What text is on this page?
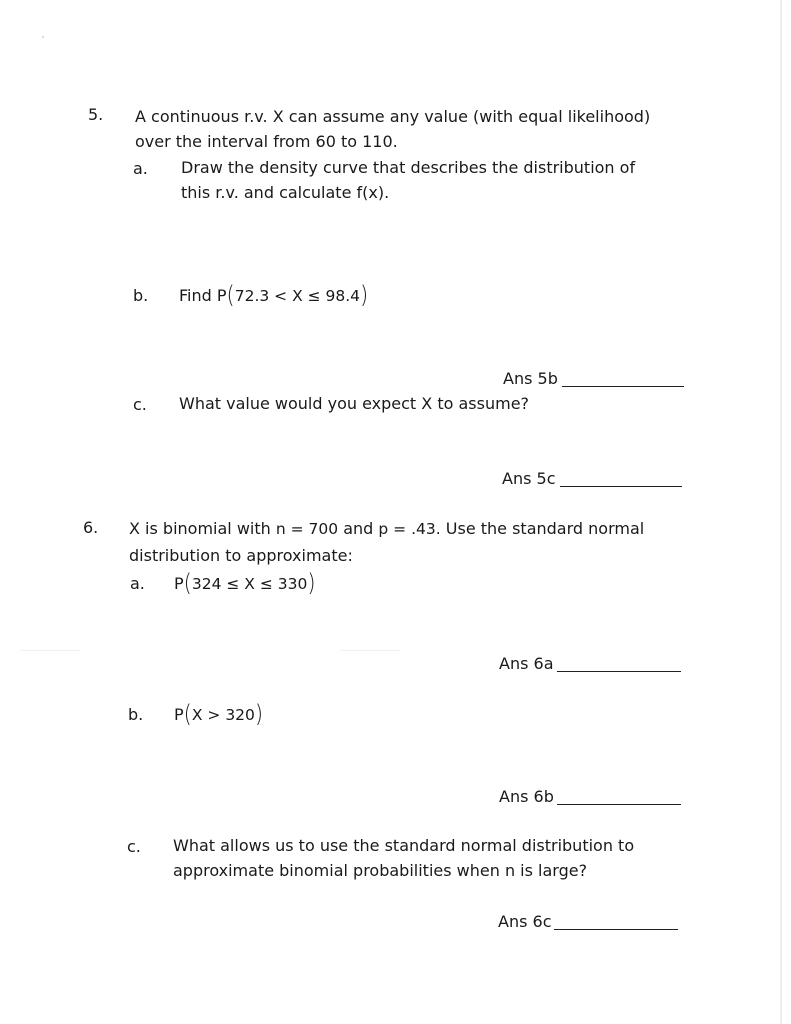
5. A continuous r.v. X can assume any value (with equal likelihood)
over the interval from 60 to 110.
a. Draw the density curve that describes the distribution of
this r.v. and calculate f(x).
b. Find P(72.3 < X ≤ 98.4)
Ans 5b
c. What value would you expect X to assume?
Ans 5c
6. X is binomial with n = 700 and p = .43. Use the standard normal
distribution to approximate:
a. P(324 ≤ X ≤ 330)
Ans 6a
b. P(X > 320)
Ans 6b
c. What allows us to use the standard normal distribution to
approximate binomial probabilities when n is large?
Ans 6c
